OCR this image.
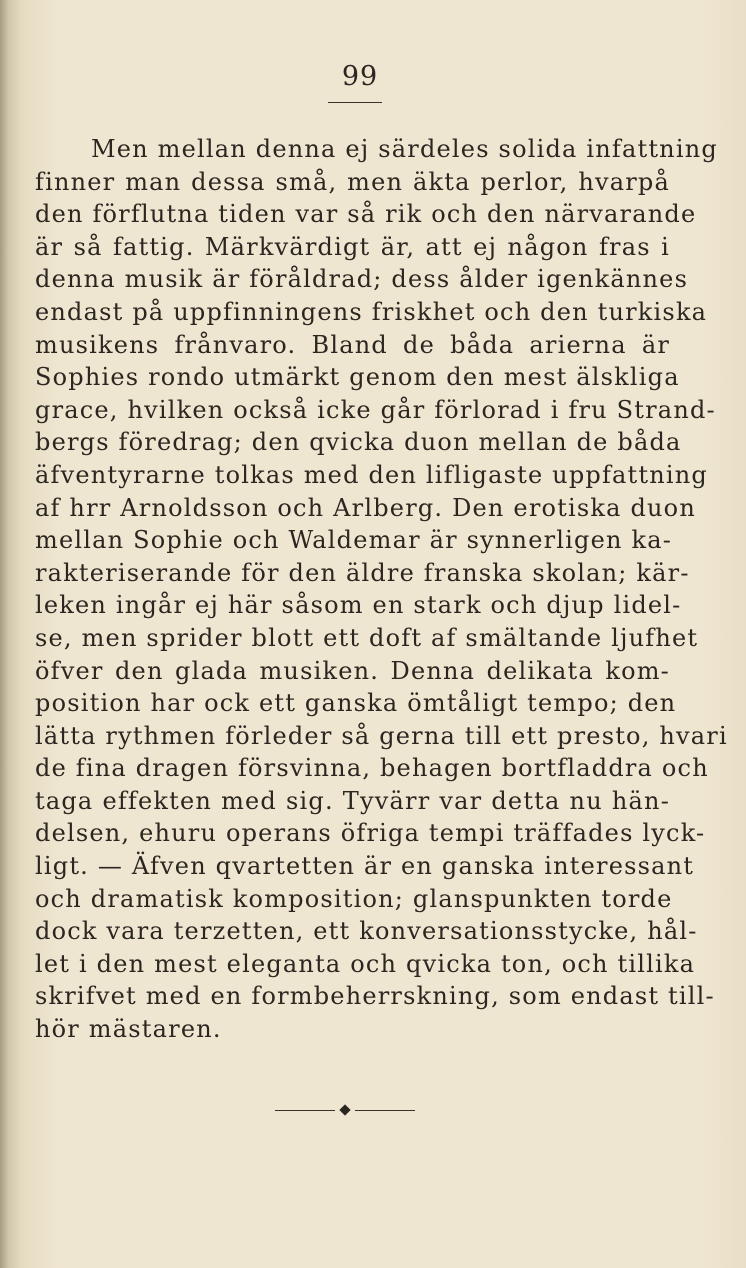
99
Men mellan denna ej särdeles solida infattning
finner man dessa små, men äkta perlor, hvarpå
den förflutna tiden var så rik och den närvarande
är så fattig. Märkvärdigt är, att ej någon fras i
denna musik är föråldrad; dess ålder igenkännes
endast på uppfinningens friskhet och den turkiska
musikens frånvaro. Bland de båda arierna är
Sophies rondo utmärkt genom den mest älskliga
grace, hvilken också icke går förlorad i fru Strand-
bergs föredrag; den qvicka duon mellan de båda
äfventyrarne tolkas med den lifligaste uppfattning
af hrr Arnoldsson och Arlberg. Den erotiska duon
mellan Sophie och Waldemar är synnerligen ka-
rakteriserande för den äldre franska skolan; kär-
leken ingår ej här såsom en stark och djup lidel-
se, men sprider blott ett doft af smältande ljufhet
öfver den glada musiken. Denna delikata kom-
position har ock ett ganska ömtåligt tempo; den
lätta rythmen förleder så gerna till ett presto, hvari
de fina dragen försvinna, behagen bortfladdra och
taga effekten med sig. Tyvärr var detta nu hän-
delsen, ehuru operans öfriga tempi träffades lyck-
ligt. — Äfven qvartetten är en ganska interessant
och dramatisk komposition; glanspunkten torde
dock vara terzetten, ett konversationsstycke, hål-
let i den mest eleganta och qvicka ton, och tillika
skrifvet med en formbeherrskning, som endast till-
hör mästaren.
